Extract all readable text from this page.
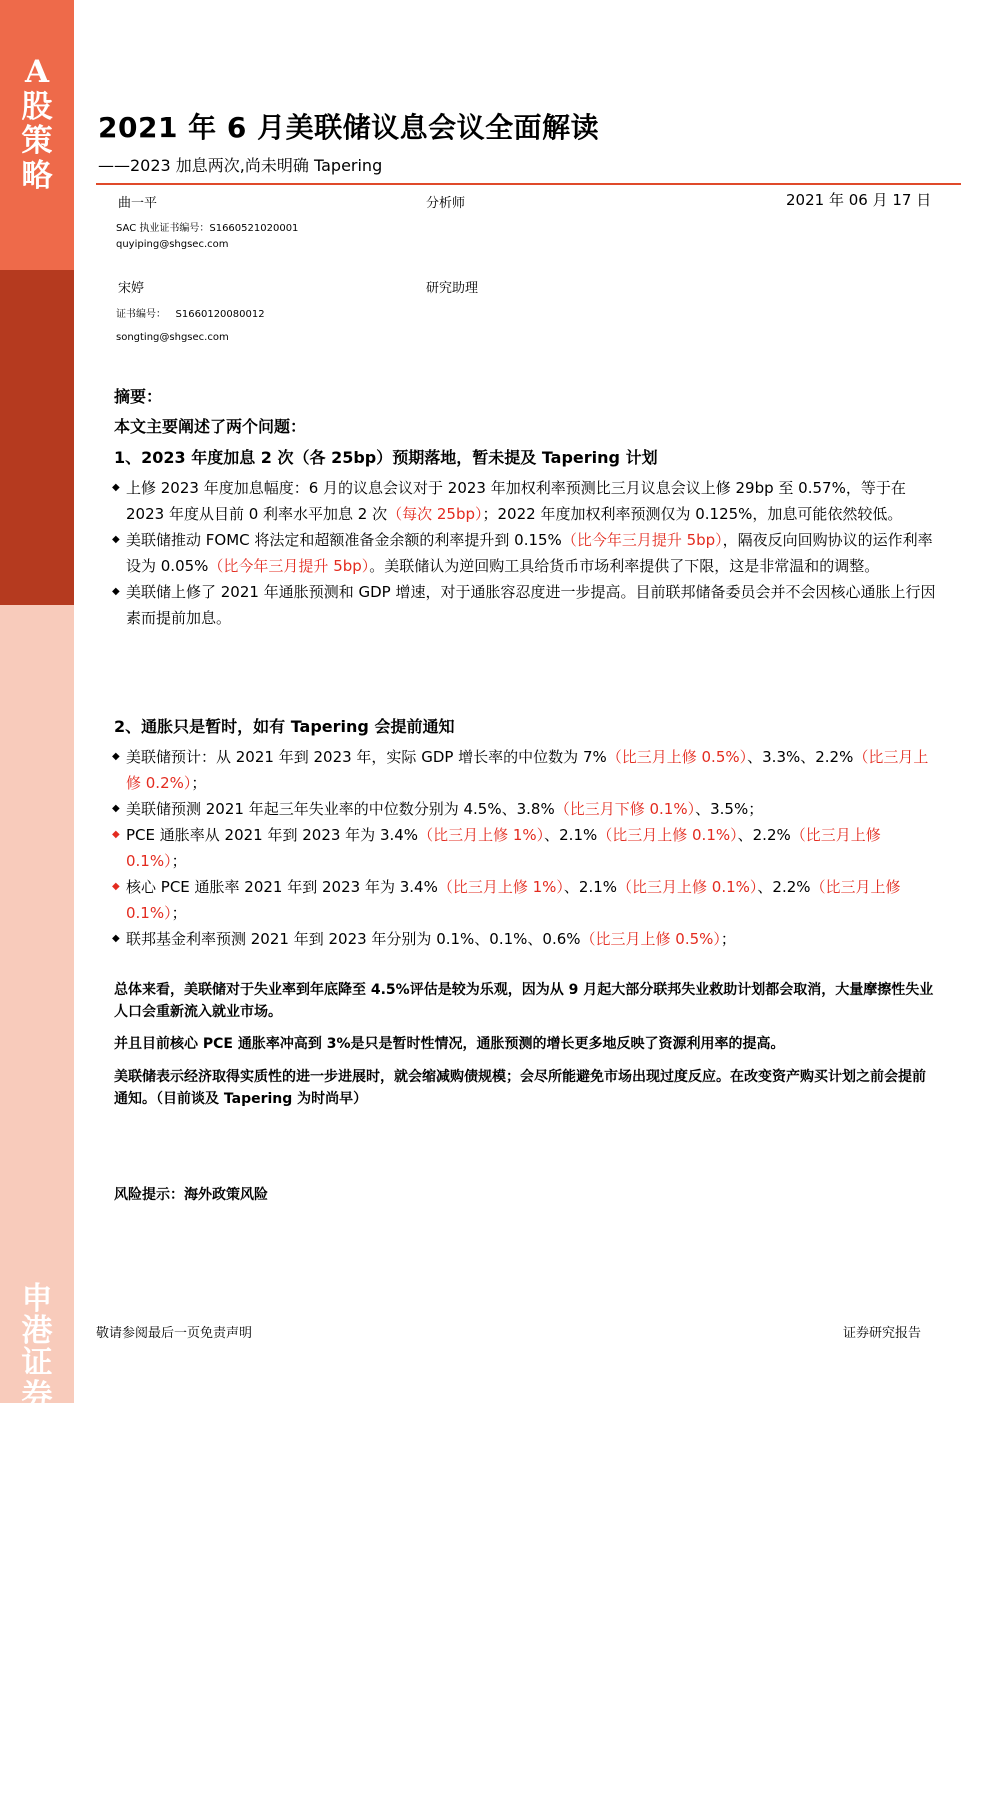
A
股
策
略
申
港
证
券
股
份
有
限
公
司
证
券
研
究
报
告
2021 年 6 月美联储议息会议全面解读
——2023 加息两次,尚未明确 Tapering
曲一平	分析师	2021 年 06 月 17 日
SAC 执业证书编号：S1660521020001
quyiping@shgsec.com
宋婷	研究助理
证书编号：   S1660120080012
songting@shgsec.com
摘要：
本文主要阐述了两个问题：
1、2023 年度加息 2 次（各 25bp）预期落地，暂未提及 Tapering 计划
◆ 上修 2023 年度加息幅度：6 月的议息会议对于 2023 年加权利率预测比三月议息会议上修 29bp 至 0.57%，等于在 2023 年度从目前 0 利率水平加息 2 次（每次 25bp）；2022 年度加权利率预测仅为 0.125%，加息可能依然较低。
◆ 美联储推动 FOMC 将法定和超额准备金余额的利率提升到 0.15%（比今年三月提升 5bp），隔夜反向回购协议的运作利率设为 0.05%（比今年三月提升 5bp）。美联储认为逆回购工具给货币市场利率提供了下限，这是非常温和的调整。
◆ 美联储上修了 2021 年通胀预测和 GDP 增速，对于通胀容忍度进一步提高。目前联邦储备委员会并不会因核心通胀上行因素而提前加息。
2、通胀只是暂时，如有 Tapering 会提前通知
◆ 美联储预计：从 2021 年到 2023 年，实际 GDP 增长率的中位数为 7%（比三月上修 0.5%）、3.3%、2.2%（比三月上修 0.2%）；
◆ 美联储预测 2021 年起三年失业率的中位数分别为 4.5%、3.8%（比三月下修 0.1%）、3.5%；
◆ PCE 通胀率从 2021 年到 2023 年为 3.4%（比三月上修 1%）、2.1%（比三月上修 0.1%）、2.2%（比三月上修 0.1%）；
◆ 核心 PCE 通胀率 2021 年到 2023 年为 3.4%（比三月上修 1%）、2.1%（比三月上修 0.1%）、2.2%（比三月上修 0.1%）；
◆ 联邦基金利率预测 2021 年到 2023 年分别为 0.1%、0.1%、0.6%（比三月上修 0.5%）；
总体来看，美联储对于失业率到年底降至 4.5%评估是较为乐观，因为从 9 月起大部分联邦失业救助计划都会取消，大量摩擦性失业人口会重新流入就业市场。
并且目前核心 PCE 通胀率冲高到 3%是只是暂时性情况，通胀预测的增长更多地反映了资源利用率的提高。
美联储表示经济取得实质性的进一步进展时，就会缩减购债规模；会尽所能避免市场出现过度反应。在改变资产购买计划之前会提前通知。（目前谈及 Tapering 为时尚早）
风险提示：海外政策风险
敬请参阅最后一页免责声明	证券研究报告
